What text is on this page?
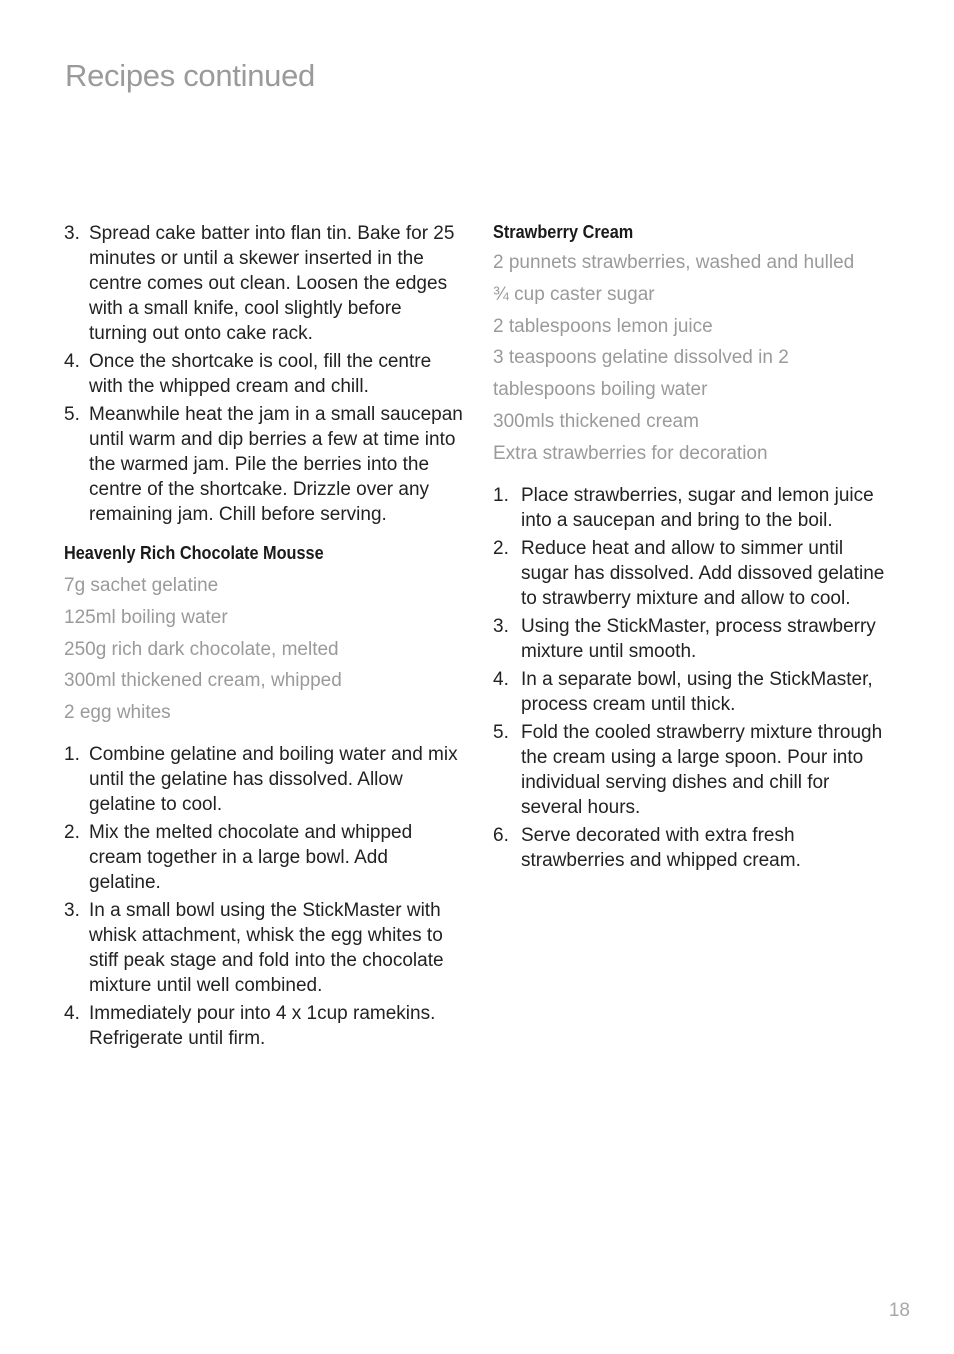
Recipes continued
3. Spread cake batter into flan tin. Bake for 25 minutes or until a skewer inserted in the centre comes out clean. Loosen the edges with a small knife, cool slightly before turning out onto cake rack.
4. Once the shortcake is cool, fill the centre with the whipped cream and chill.
5. Meanwhile heat the jam in a small saucepan until warm and dip berries a few at time into the warmed jam. Pile the berries into the centre of the shortcake. Drizzle over any remaining jam. Chill before serving.
Heavenly Rich Chocolate Mousse
7g sachet gelatine
125ml boiling water
250g rich dark chocolate, melted
300ml thickened cream, whipped
2 egg whites
1. Combine gelatine and boiling water and mix until the gelatine has dissolved. Allow gelatine to cool.
2. Mix the melted chocolate and whipped cream together in a large bowl. Add gelatine.
3. In a small bowl using the StickMaster with whisk attachment, whisk the egg whites to stiff peak stage and fold into the chocolate mixture until well combined.
4. Immediately pour into 4 x 1cup ramekins. Refrigerate until firm.
Strawberry Cream
2 punnets strawberries, washed and hulled
¾ cup caster sugar
2 tablespoons lemon juice
3 teaspoons gelatine dissolved in 2
tablespoons boiling water
300mls thickened cream
Extra strawberries for decoration
1. Place strawberries, sugar and lemon juice into a saucepan and bring to the boil.
2. Reduce heat and allow to simmer until sugar has dissolved. Add dissoved gelatine to strawberry mixture and allow to cool.
3. Using the StickMaster, process strawberry mixture until smooth.
4. In a separate bowl, using the StickMaster, process cream until thick.
5. Fold the cooled strawberry mixture through the cream using a large spoon. Pour into individual serving dishes and chill for several hours.
6. Serve decorated with extra fresh strawberries and whipped cream.
18
